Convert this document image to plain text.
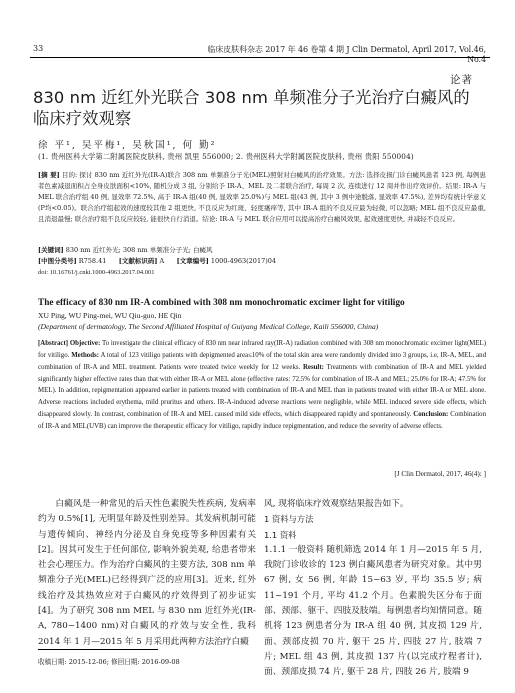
33	临床皮肤科杂志 2017 年 46 卷第 4 期 J Clin Dermatol, April 2017, Vol.46, No.4
论著
830 nm 近红外光联合 308 nm 单频准分子光治疗白癜风的临床疗效观察
徐 平¹, 吴平梅¹, 吴秋国¹, 何 勤²
(1. 贵州医科大学第二附属医院皮肤科, 贵州 凯里 556000; 2. 贵州医科大学附属医院皮肤科, 贵州 贵阳 550004)
[摘 要] 目的: 探讨 830 nm 近红外光(IR-A)联合 308 nm 单频准分子光(MEL)照射对白癜风的治疗效果。方法: 选择皮损门诊白癜风患者 123 例, 每例患者色素减退面积占全身皮肤面积<10%, 随机分成 3 组, 分别给予 IR-A、MEL 及二者联合治疗, 每周 2 次, 连续进行 12 周并作出疗效评价。结果: IR-A 与 MEL 联合治疗组 40 例, 显效率 72.5%, 高于 IR-A 组(40 例, 显效率 25.0%)与 MEL 组(43 例, 其中 3 例中途脱落, 显效率 47.5%), 差异均有统计学意义(P均<0.05)。联合治疗组起效的速度较其他 2 组更快, 不良反应为红斑、轻度瘙痒等, 其中 IR-A 组的不良反应最为轻微, 可以忽略; MEL 组不良反应最重, 且消退最慢; 联合治疗组不良反应较轻, 能很快自行消退。结论: IR-A 与 MEL 联合应用可以提高治疗白癜风效果, 起效速度更快, 并减轻不良反应。
[关键词] 830 nm 近红外光; 308 nm 单频准分子光; 白癜风
[中图分类号] R758.41 [文献标识码] A [文章编号] 1000-4963(2017)04
doi: 10.16761/j.cnki.1000-4963.2017.04.001
The efficacy of 830 nm IR-A combined with 308 nm monochromatic excimer light for vitiligo
XU Ping, WU Ping-mei, WU Qiu-guo, HE Qin
(Department of dermatology, The Second Affiliated Hospital of Guiyang Medical College, Kaili 556000, China)
[Abstract] Objective: To investigate the clinical efficacy of 830 nm near infrared ray(IR-A) radiation combined with 308 nm monochromatic excimer light(MEL) for vitiligo. Methods: A total of 123 vitiligo patients with depigmented area≤10% of the total skin area were randomly divided into 3 groups, i.e, IR-A, MEL, and combination of IR-A and MEL treatment. Patients were treated twice weekly for 12 weeks. Result: Treatments with combination of IR-A and MEL yielded significantly higher effective rates than that with either IR-A or MEL alone (effective rates: 72.5% for combination of IR-A and MEL; 25.0% for IR-A; 47.5% for MEL). In addition, repigmentation appeared earlier in patients treated with combination of IR-A and MEL than in patients treated with either IR-A or MEL alone. Adverse reactions included erythema, mild pruritus and others. IR-A-induced adverse reactions were negligible, while MEL induced severe side effects, which disappeared slowly. In contrast, combination of IR-A and MEL caused mild side effects, which disappeared rapidly and spontaneously. Conclusion: Combination of IR-A and MEL(UVB) can improve the therapeutic efficacy for vitiligo, rapidly induce repigmentation, and reduce the severity of adverse effects.
[J Clin Dermatol, 2017, 46(4): ]
白癜风是一种常见的后天性色素脱失性疾病, 发病率约为 0.5%[1], 无明显年龄及性别差异。其发病机制可能与遗传倾向、神经内分泌及自身免疫等多种因素有关[2]。因其可发生于任何部位, 影响外貌美观, 给患者带来社会心理压力。作为治疗白癜风的主要方法, 308 nm 单频准分子光(MEL)已经得到广泛的应用[3]。近来, 红外线治疗及其热效应对于白癜风的疗效得到了初步证实[4]。为了研究 308 nm MEL 与 830 nm 近红外光(IR-A, 780~1400 nm)对白癜风的疗效与安全性, 我科 2014 年 1 月—2015 年 5 月采用此两种方法治疗白癜

风, 现将临床疗效观察结果报告如下。

1 资料与方法

1.1 资料

1.1.1 一般资料 随机筛选 2014 年 1 月—2015 年 5 月, 我院门诊收诊的 123 例白癜风患者为研究对象。其中男 67 例, 女 56 例, 年龄 15~63 岁, 平均 35.5 岁; 病 11~191 个月, 平均 41.2 个月。色素脱失区分布于面部、颈部、躯干、四肢及肢端。每例患者均知情同意。随机将 123 例患者分为 IR-A 组 40 例, 其皮损 129 片, 面、颈部皮损 70 片, 躯干 25 片, 四肢 27 片, 肢端 7 片; MEL 组 43 例, 其皮损 137 片(以完成疗程者计), 面、颈部皮损 74 片, 躯干 28 片, 四肢 26 片, 肢端 9

收稿日期: 2015-12-06; 修回日期: 2016-09-08
